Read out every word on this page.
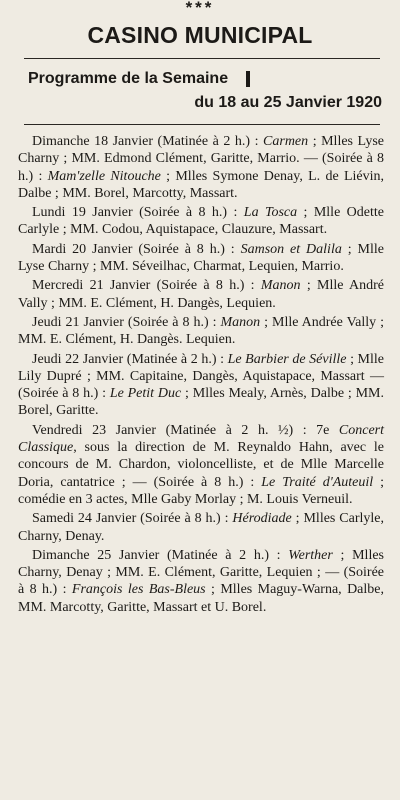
***
CASINO MUNICIPAL
Programme de la Semaine
du 18 au 25 Janvier 1920

Dimanche 18 Janvier (Matinée à 2 h.) : Carmen ; Mlles Lyse Charny ; MM. Edmond Clément, Garitte, Marrio. — (Soirée à 8 h.) : Mam'zelle Nitouche ; Mlles Symone Denay, L. de Liévin, Dalbe ; MM. Borel, Marcotty, Massart.

Lundi 19 Janvier (Soirée à 8 h.) : La Tosca ; Mlle Odette Carlyle ; MM. Codou, Aquistapace, Clauzure, Massart.

Mardi 20 Janvier (Soirée à 8 h.) : Samson et Dalila ; Mlle Lyse Charny ; MM. Séveilhac, Charmat, Lequien, Marrio.

Mercredi 21 Janvier (Soirée à 8 h.) : Manon ; Mlle André Vally ; MM. E. Clément, H. Dangès, Lequien.

Jeudi 21 Janvier (Soirée à 8 h.) : Manon ; Mlle Andrée Vally ; MM. E. Clément, H. Dangès. Lequien.

Jeudi 22 Janvier (Matinée à 2 h.) : Le Barbier de Séville ; Mlle Lily Dupré ; MM. Capitaine, Dangès, Aquistapace, Massart — (Soirée à 8 h.) : Le Petit Duc ; Mlles Mealy, Arnès, Dalbe ; MM. Borel, Garitte.

Vendredi 23 Janvier (Matinée à 2 h. ½) : 7e Concert Classique, sous la direction de M. Reynaldo Hahn, avec le concours de M. Chardon, violoncelliste, et de Mlle Marcelle Doria, cantatrice ; — (Soirée à 8 h.) : Le Traité d'Auteuil ; comédie en 3 actes, Mlle Gaby Morlay ; M. Louis Verneuil.

Samedi 24 Janvier (Soirée à 8 h.) : Hérodiade ; Mlles Carlyle, Charny, Denay.

Dimanche 25 Janvier (Matinée à 2 h.) : Werther ; Mlles Charny, Denay ; MM. E. Clément, Garitte, Lequien ; — (Soirée à 8 h.) : François les Bas-Bleus ; Mlles Maguy-Warna, Dalbe, MM. Marcotty, Garitte, Massart et U. Borel.
